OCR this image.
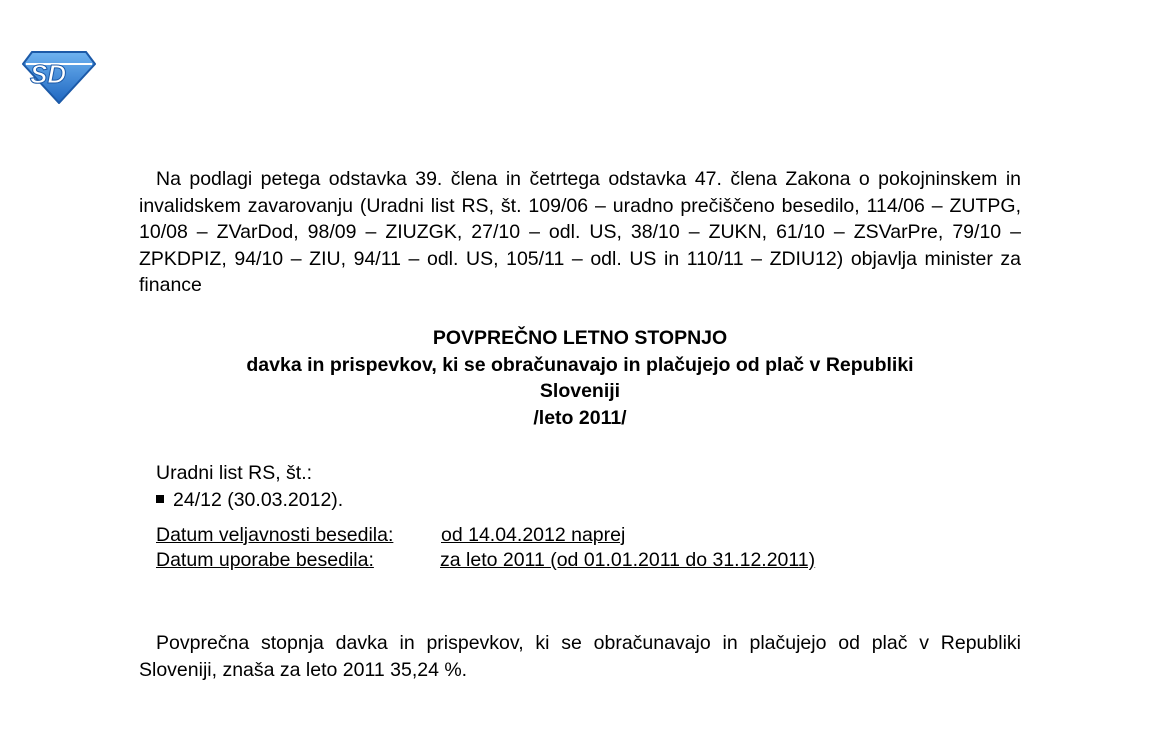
SD

Na podlagi petega odstavka 39. člena in četrtega odstavka 47. člena Zakona o pokojninskem in invalidskem zavarovanju (Uradni list RS, št. 109/06 – uradno prečiščeno besedilo, 114/06 – ZUTPG, 10/08 – ZVarDod, 98/09 – ZIUZGK, 27/10 – odl. US, 38/10 – ZUKN, 61/10 – ZSVarPre, 79/10 – ZPKDPIZ, 94/10 – ZIU, 94/11 – odl. US, 105/11 – odl. US in 110/11 – ZDIU12) objavlja minister za finance

POVPREČNO LETNO STOPNJO
davka in prispevkov, ki se obračunavajo in plačujejo od plač v Republiki
Sloveniji
/leto 2011/
Uradni list RS, št.:
24/12 (30.03.2012).
Datum veljavnosti besedila: od 14.04.2012 naprej
Datum uporabe besedila:	za leto 2011 (od 01.01.2011 do 31.12.2011)

Povprečna stopnja davka in prispevkov, ki se obračunavajo in plačujejo od plač v Republiki Sloveniji, znaša za leto 2011 35,24 %.
